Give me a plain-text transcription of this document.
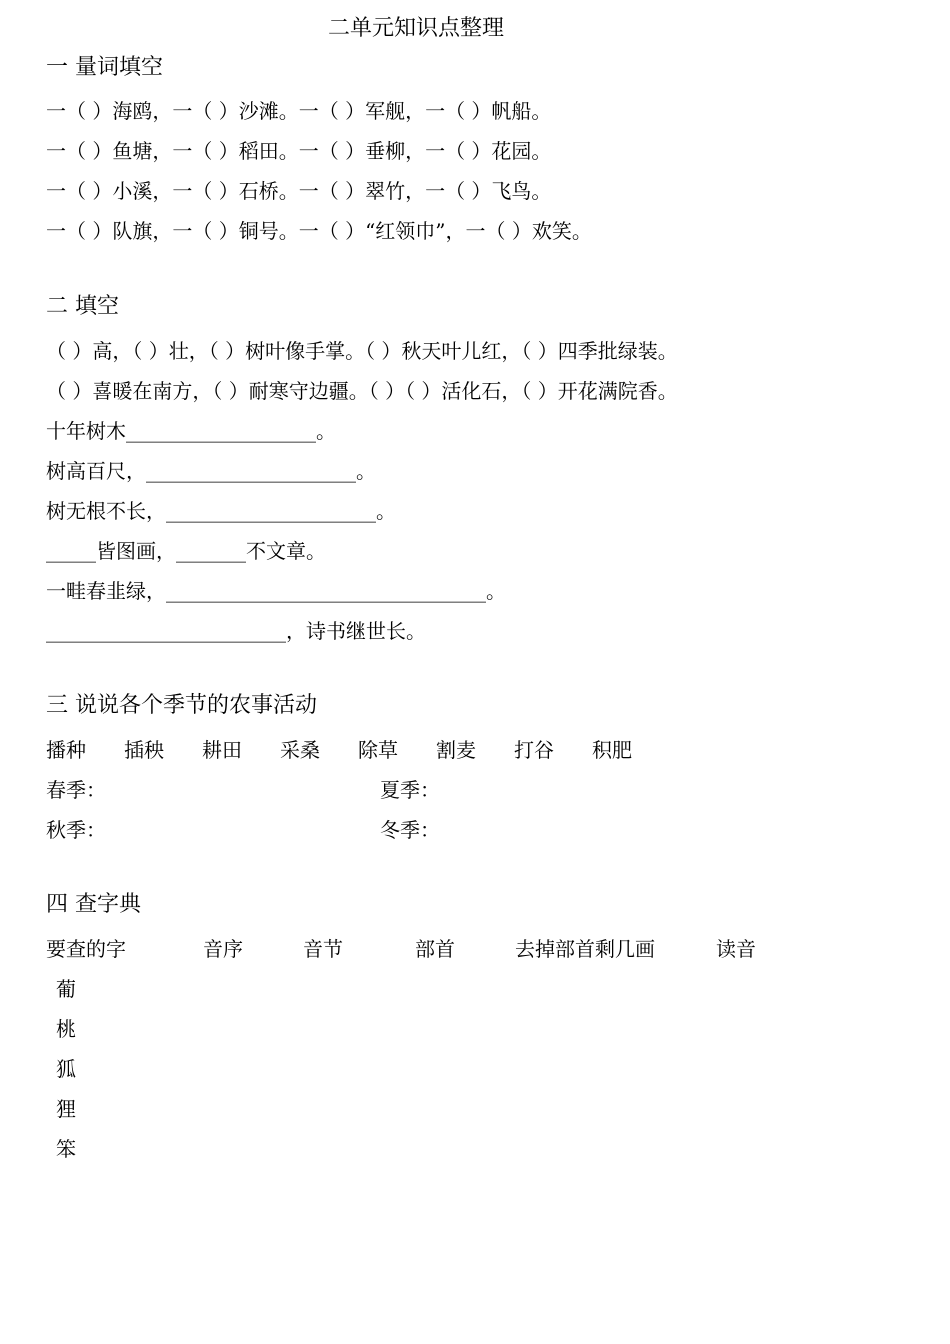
二单元知识点整理
一 量词填空
一（ ）海鸥，一（ ）沙滩。一（ ）军舰，一（ ）帆船。
一（ ）鱼塘，一（ ）稻田。一（ ）垂柳，一（ ）花园。
一（ ）小溪，一（ ）石桥。一（ ）翠竹，一（ ）飞鸟。
一（ ）队旗，一（ ）铜号。一（ ）“红领巾”，一（ ）欢笑。
二 填空
（ ）高，（ ）壮，（ ）树叶像手掌。（ ）秋天叶儿红，（ ）四季批绿装。
（ ）喜暖在南方，（ ）耐寒守边疆。（ ）（ ）活化石，（ ）开花满院香。
十年树木___________________。
树高百尺，_____________________。
树无根不长，_____________________。
_____皆图画，_______不文章。
一畦春韭绿，________________________________。
________________________，诗书继世长。
三 说说各个季节的农事活动
播种 插秧 耕田 采桑 除草 割麦 打谷 积肥
春季：	夏季：
秋季：	冬季：
四 查字典
要查的字	音序	音节	部首	去掉部首剩几画	读音
葡
桃
狐
狸
笨
